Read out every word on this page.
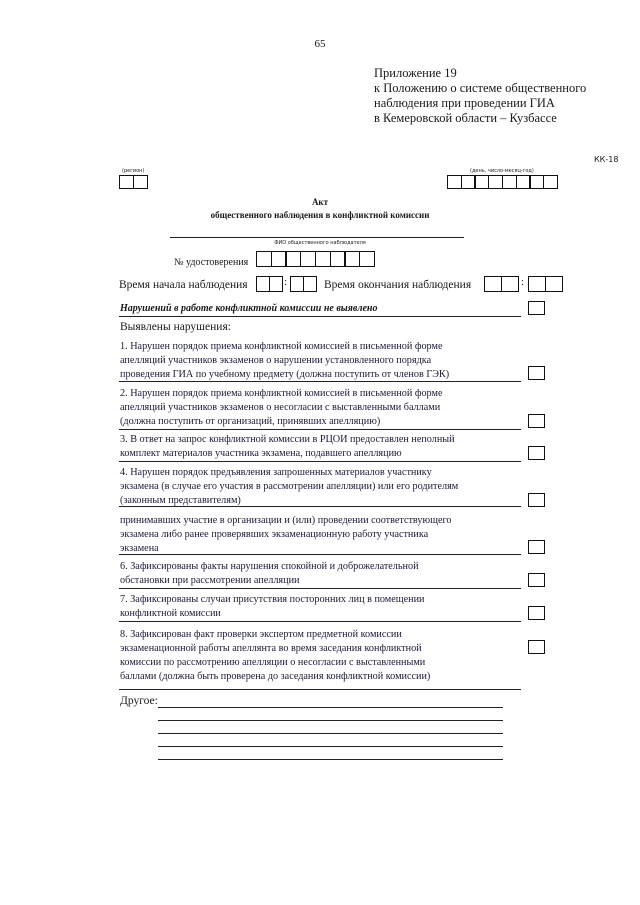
65
Приложение 19
к Положению о системе общественного
наблюдения при проведении ГИА
в Кемеровской области – Кузбассе
КК-18
(регион)	(день, число-месяц-год)
Акт
общественного наблюдения в конфликтной комиссии
ФИО общественного наблюдателя
№ удостоверения
Время начала наблюдения	:	Время окончания наблюдения	:
Нарушений в работе конфликтной комиссии не выявлено
Выявлены нарушения:
1. Нарушен порядок приема конфликтной комиссией в письменной форме
апелляций участников экзаменов о нарушении установленного порядка
проведения ГИА по учебному предмету (должна поступить от членов ГЭК)
2. Нарушен порядок приема конфликтной комиссией в письменной форме
апелляций участников экзаменов о несогласии с выставленными баллами
(должна поступить от организаций, принявших апелляцию)
3. В ответ на запрос конфликтной комиссии в РЦОИ предоставлен неполный
комплект материалов участника экзамена, подавшего апелляцию
4. Нарушен порядок предъявления запрошенных материалов участнику
экзамена (в случае его участия в рассмотрении апелляции) или его родителям
(законным представителям)
принимавших участие в организации и (или) проведении соответствующего
экзамена либо ранее проверявших экзаменационную работу участника
экзамена
6. Зафиксированы факты нарушения спокойной и доброжелательной
обстановки при рассмотрении апелляции
7. Зафиксированы случаи присутствия посторонних лиц в помещении
конфликтной комиссии
8. Зафиксирован факт проверки экспертом предметной комиссии
экзаменационной работы апеллянта во время заседания конфликтной
комиссии по рассмотрению апелляции о несогласии с выставленными
баллами (должна быть проверена до заседания конфликтной комиссии)
Другое:
